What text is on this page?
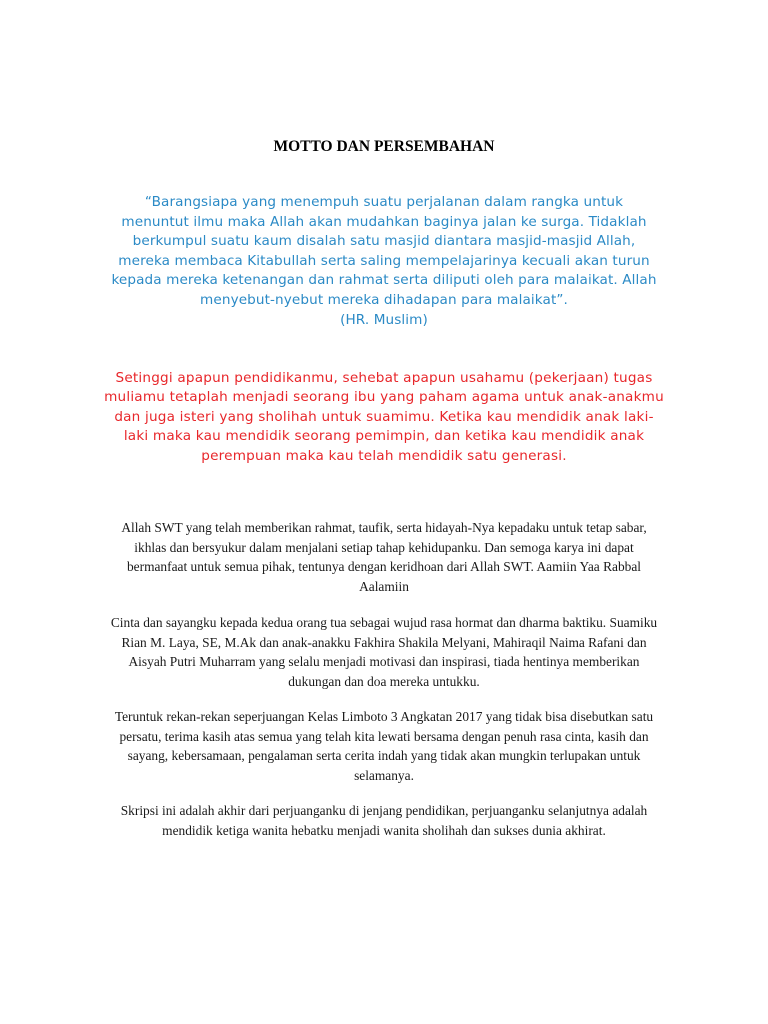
MOTTO DAN PERSEMBAHAN
“Barangsiapa yang menempuh suatu perjalanan dalam rangka untuk menuntut ilmu maka Allah akan mudahkan baginya jalan ke surga. Tidaklah berkumpul suatu kaum disalah satu masjid diantara masjid-masjid Allah, mereka membaca Kitabullah serta saling mempelajarinya kecuali akan turun kepada mereka ketenangan dan rahmat serta diliputi oleh para malaikat. Allah menyebut-nyebut mereka dihadapan para malaikat”.
(HR. Muslim)
Setinggi apapun pendidikanmu, sehebat apapun usahamu (pekerjaan) tugas muliamu tetaplah menjadi seorang ibu yang paham agama untuk anak-anakmu dan juga isteri yang sholihah untuk suamimu. Ketika kau mendidik anak laki-laki maka kau mendidik seorang pemimpin, dan ketika kau mendidik anak perempuan maka kau telah mendidik satu generasi.
Allah SWT yang telah memberikan rahmat, taufik, serta hidayah-Nya kepadaku untuk tetap sabar, ikhlas dan bersyukur dalam menjalani setiap tahap kehidupanku. Dan semoga karya ini dapat bermanfaat untuk semua pihak, tentunya dengan keridhoan dari Allah SWT. Aamiin Yaa Rabbal Aalamiin
Cinta dan sayangku kepada kedua orang tua sebagai wujud rasa hormat dan dharma baktiku. Suamiku Rian M. Laya, SE, M.Ak dan anak-anakku Fakhira Shakila Melyani, Mahiraqil Naima Rafani dan Aisyah Putri Muharram yang selalu menjadi motivasi dan inspirasi, tiada hentinya memberikan dukungan dan doa mereka untukku.
Teruntuk rekan-rekan seperjuangan Kelas Limboto 3 Angkatan 2017 yang tidak bisa disebutkan satu persatu, terima kasih atas semua yang telah kita lewati bersama dengan penuh rasa cinta, kasih dan sayang, kebersamaan, pengalaman serta cerita indah yang tidak akan mungkin terlupakan untuk selamanya.
Skripsi ini adalah akhir dari perjuanganku di jenjang pendidikan, perjuanganku selanjutnya adalah mendidik ketiga wanita hebatku menjadi wanita sholihah dan sukses dunia akhirat.
